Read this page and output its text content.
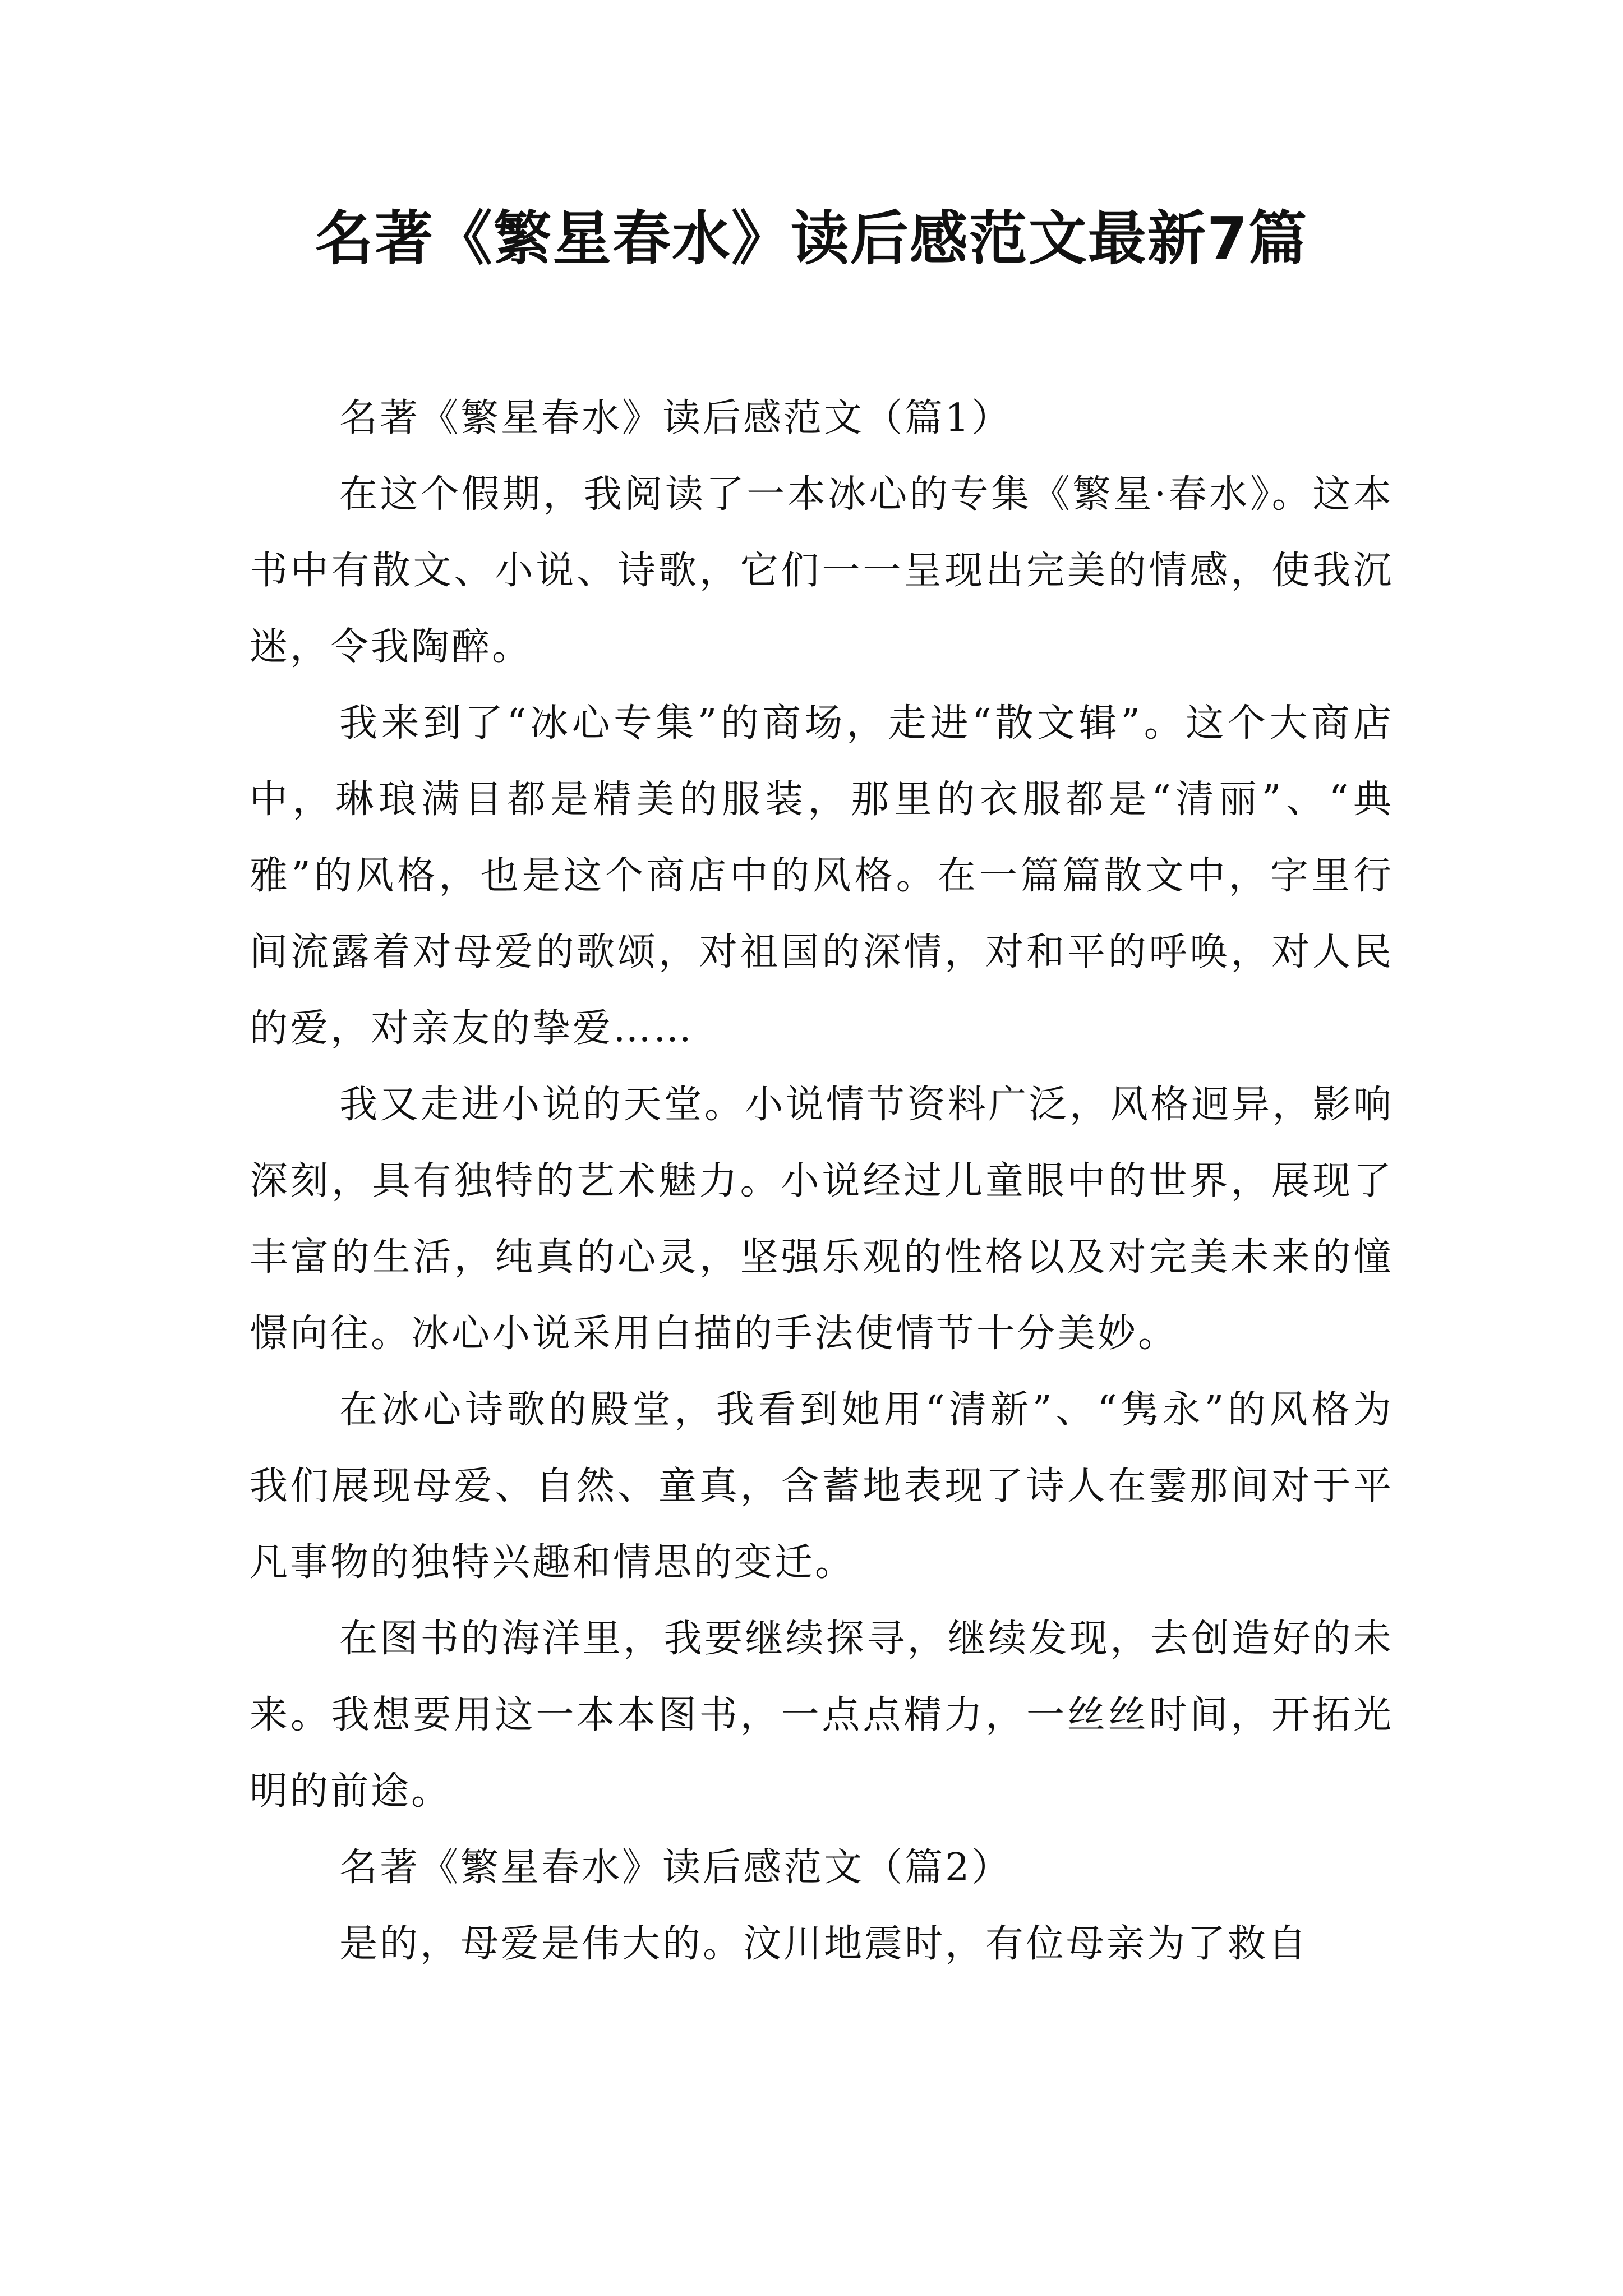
名著《繁星春水》读后感范文最新7篇

名著《繁星春水》读后感范文（篇1）

在这个假期，我阅读了一本冰心的专集《繁星·春水》。这本书中有散文、小说、诗歌，它们一一呈现出完美的情感，使我沉迷，令我陶醉。

我来到了“冰心专集”的商场，走进“散文辑”。这个大商店中，琳琅满目都是精美的服装，那里的衣服都是“清丽”、“典雅”的风格，也是这个商店中的风格。在一篇篇散文中，字里行间流露着对母爱的歌颂，对祖国的深情，对和平的呼唤，对人民的爱，对亲友的挚爱……

我又走进小说的天堂。小说情节资料广泛，风格迥异，影响深刻，具有独特的艺术魅力。小说经过儿童眼中的世界，展现了丰富的生活，纯真的心灵，坚强乐观的性格以及对完美未来的憧憬向往。冰心小说采用白描的手法使情节十分美妙。

在冰心诗歌的殿堂，我看到她用“清新”、“隽永”的风格为我们展现母爱、自然、童真，含蓄地表现了诗人在霎那间对于平凡事物的独特兴趣和情思的变迁。

在图书的海洋里，我要继续探寻，继续发现，去创造好的未来。我想要用这一本本图书，一点点精力，一丝丝时间，开拓光明的前途。

名著《繁星春水》读后感范文（篇2）

是的，母爱是伟大的。汶川地震时，有位母亲为了救自
